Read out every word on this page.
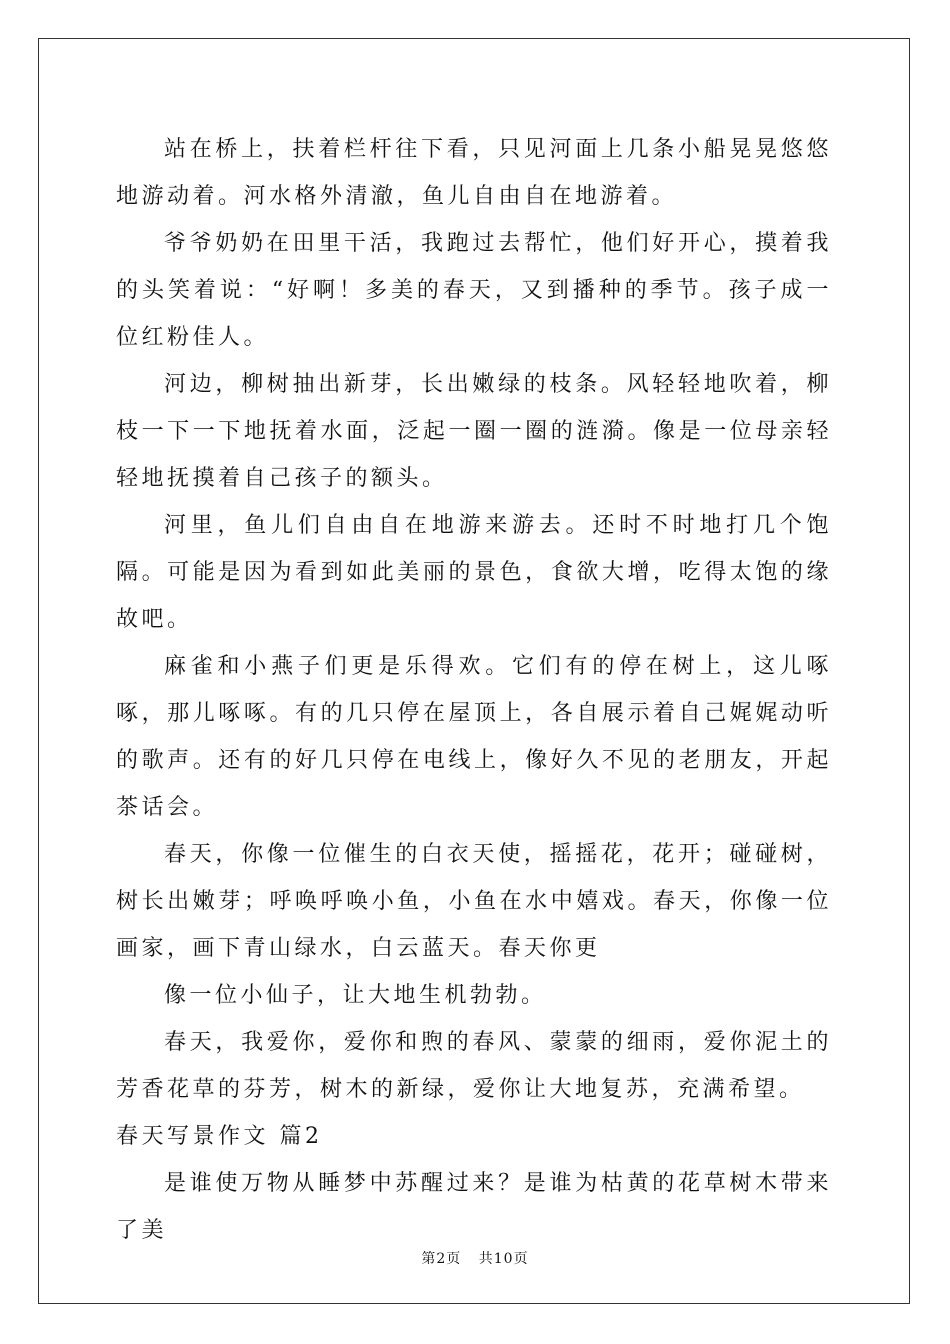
站在桥上，扶着栏杆往下看，只见河面上几条小船晃晃悠悠地游动着。河水格外清澈，鱼儿自由自在地游着。

爷爷奶奶在田里干活，我跑过去帮忙，他们好开心，摸着我的头笑着说：“好啊！多美的春天，又到播种的季节。孩子成一位红粉佳人。

河边，柳树抽出新芽，长出嫩绿的枝条。风轻轻地吹着，柳枝一下一下地抚着水面，泛起一圈一圈的涟漪。像是一位母亲轻轻地抚摸着自己孩子的额头。

河里，鱼儿们自由自在地游来游去。还时不时地打几个饱隔。可能是因为看到如此美丽的景色，食欲大增，吃得太饱的缘故吧。

麻雀和小燕子们更是乐得欢。它们有的停在树上，这儿啄啄，那儿啄啄。有的几只停在屋顶上，各自展示着自己娓娓动听的歌声。还有的好几只停在电线上，像好久不见的老朋友，开起茶话会。

春天，你像一位催生的白衣天使，摇摇花，花开；碰碰树，树长出嫩芽；呼唤呼唤小鱼，小鱼在水中嬉戏。春天，你像一位画家，画下青山绿水，白云蓝天。春天你更

像一位小仙子，让大地生机勃勃。

春天，我爱你，爱你和煦的春风、蒙蒙的细雨，爱你泥土的芳香花草的芬芳，树木的新绿，爱你让大地复苏，充满希望。

春天写景作文 篇2

是谁使万物从睡梦中苏醒过来？是谁为枯黄的花草树木带来了美

第2页 共10页
